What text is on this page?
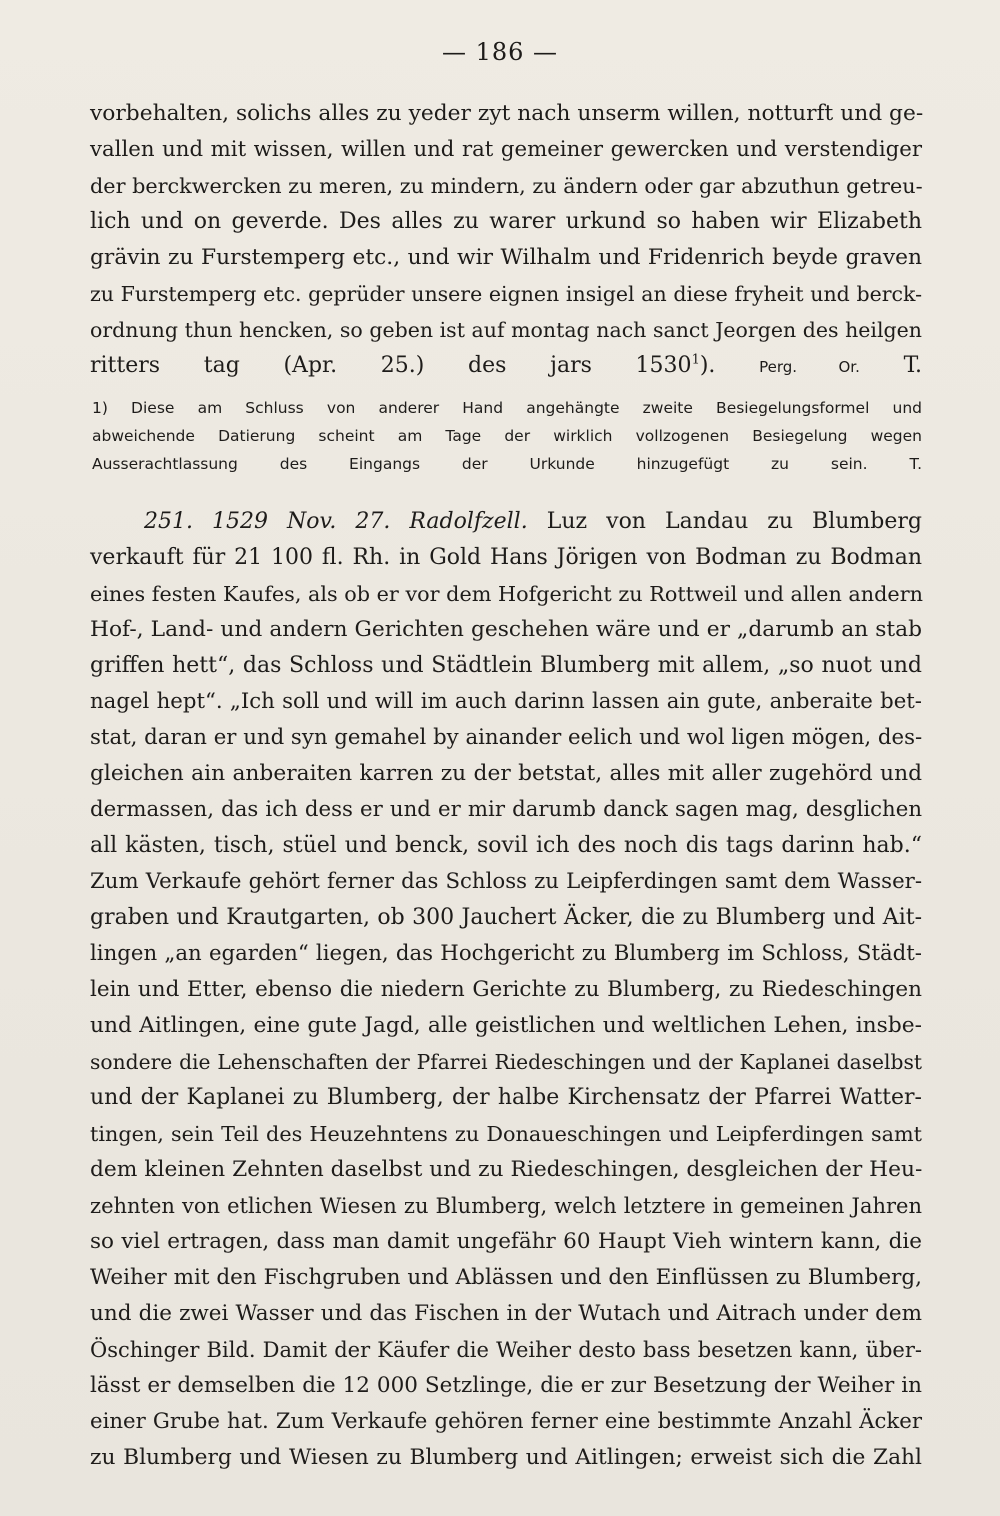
— 186 —
vorbehalten, solichs alles zu yeder zyt nach unserm willen, notturft und ge-
vallen und mit wissen, willen und rat gemeiner gewercken und verstendiger
der berckwercken zu meren, zu mindern, zu ändern oder gar abzuthun getreu-
lich und on geverde. Des alles zu warer urkund so haben wir Elizabeth
grävin zu Furstemperg etc., und wir Wilhalm und Fridenrich beyde graven
zu Furstemperg etc. geprüder unsere eignen insigel an diese fryheit und berck-
ordnung thun hencken, so geben ist auf montag nach sanct Jeorgen des heilgen
ritters tag (Apr. 25.) des jars 1530$^1$).	Perg. Or. T.
1) Diese am Schluss von anderer Hand angehängte zweite Besiegelungsformel und
abweichende Datierung scheint am Tage der wirklich vollzogenen Besiegelung wegen
Ausserachtlassung des Eingangs der Urkunde hinzugefügt zu sein.	T.
251. 1529 Nov. 27. Radolfzell. Luz von Landau zu Blumberg
verkauft für 21 100 fl. Rh. in Gold Hans Jörigen von Bodman zu Bodman
eines festen Kaufes, als ob er vor dem Hofgericht zu Rottweil und allen andern
Hof-, Land- und andern Gerichten geschehen wäre und er „darumb an stab
griffen hett“, das Schloss und Städtlein Blumberg mit allem, „so nuot und
nagel hept“. „Ich soll und will im auch darinn lassen ain gute, anberaite bet-
stat, daran er und syn gemahel by ainander eelich und wol ligen mögen, des-
gleichen ain anberaiten karren zu der betstat, alles mit aller zugehörd und
dermassen, das ich dess er und er mir darumb danck sagen mag, desglichen
all kästen, tisch, stüel und benck, sovil ich des noch dis tags darinn hab.“
Zum Verkaufe gehört ferner das Schloss zu Leipferdingen samt dem Wasser-
graben und Krautgarten, ob 300 Jauchert Äcker, die zu Blumberg und Ait-
lingen „an egarden“ liegen, das Hochgericht zu Blumberg im Schloss, Städt-
lein und Etter, ebenso die niedern Gerichte zu Blumberg, zu Riedeschingen
und Aitlingen, eine gute Jagd, alle geistlichen und weltlichen Lehen, insbe-
sondere die Lehenschaften der Pfarrei Riedeschingen und der Kaplanei daselbst
und der Kaplanei zu Blumberg, der halbe Kirchensatz der Pfarrei Watter-
tingen, sein Teil des Heuzehntens zu Donaueschingen und Leipferdingen samt
dem kleinen Zehnten daselbst und zu Riedeschingen, desgleichen der Heu-
zehnten von etlichen Wiesen zu Blumberg, welch letztere in gemeinen Jahren
so viel ertragen, dass man damit ungefähr 60 Haupt Vieh wintern kann, die
Weiher mit den Fischgruben und Ablässen und den Einflüssen zu Blumberg,
und die zwei Wasser und das Fischen in der Wutach und Aitrach under dem
Öschinger Bild. Damit der Käufer die Weiher desto bass besetzen kann, über-
lässt er demselben die 12 000 Setzlinge, die er zur Besetzung der Weiher in
einer Grube hat. Zum Verkaufe gehören ferner eine bestimmte Anzahl Äcker
zu Blumberg und Wiesen zu Blumberg und Aitlingen; erweist sich die Zahl
